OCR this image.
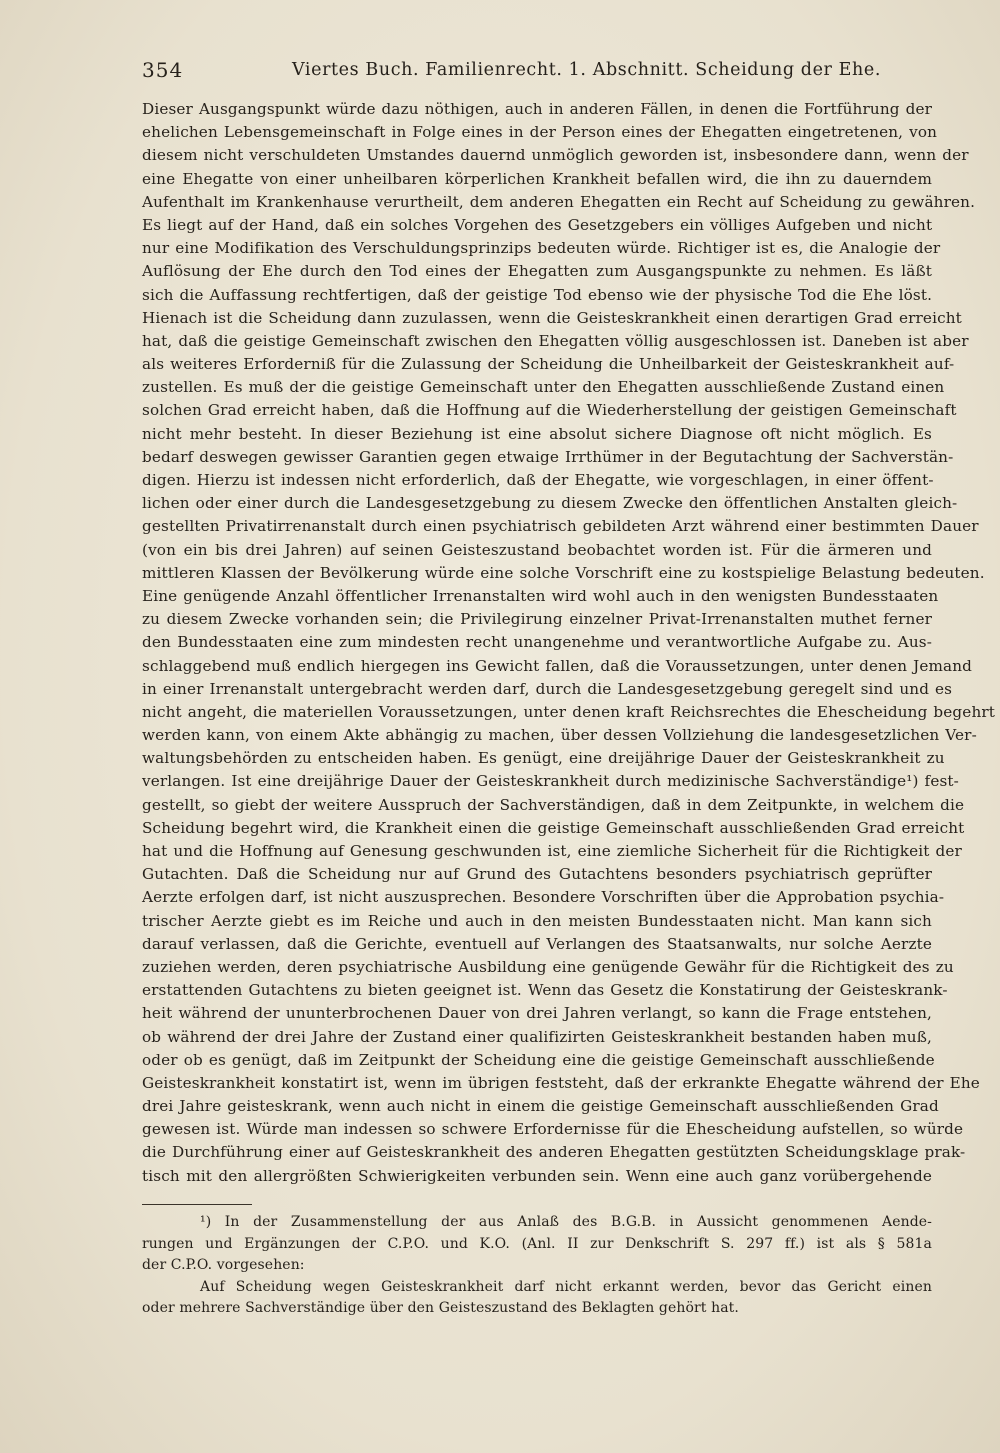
354	Viertes Buch. Familienrecht. 1. Abschnitt. Scheidung der Ehe.
Dieser Ausgangspunkt würde dazu nöthigen, auch in anderen Fällen, in denen die Fortführung der
ehelichen Lebensgemeinschaft in Folge eines in der Person eines der Ehegatten eingetretenen, von
diesem nicht verschuldeten Umstandes dauernd unmöglich geworden ist, insbesondere dann, wenn der
eine Ehegatte von einer unheilbaren körperlichen Krankheit befallen wird, die ihn zu dauerndem
Aufenthalt im Krankenhause verurtheilt, dem anderen Ehegatten ein Recht auf Scheidung zu gewähren.
Es liegt auf der Hand, daß ein solches Vorgehen des Gesetzgebers ein völliges Aufgeben und nicht
nur eine Modifikation des Verschuldungsprinzips bedeuten würde. Richtiger ist es, die Analogie der
Auflösung der Ehe durch den Tod eines der Ehegatten zum Ausgangspunkte zu nehmen. Es läßt
sich die Auffassung rechtfertigen, daß der geistige Tod ebenso wie der physische Tod die Ehe löst.
Hienach ist die Scheidung dann zuzulassen, wenn die Geisteskrankheit einen derartigen Grad erreicht
hat, daß die geistige Gemeinschaft zwischen den Ehegatten völlig ausgeschlossen ist. Daneben ist aber
als weiteres Erforderniß für die Zulassung der Scheidung die Unheilbarkeit der Geisteskrankheit auf-
zustellen. Es muß der die geistige Gemeinschaft unter den Ehegatten ausschließende Zustand einen
solchen Grad erreicht haben, daß die Hoffnung auf die Wiederherstellung der geistigen Gemeinschaft
nicht mehr besteht. In dieser Beziehung ist eine absolut sichere Diagnose oft nicht möglich. Es
bedarf deswegen gewisser Garantien gegen etwaige Irrthümer in der Begutachtung der Sachverstän-
digen. Hierzu ist indessen nicht erforderlich, daß der Ehegatte, wie vorgeschlagen, in einer öffent-
lichen oder einer durch die Landesgesetzgebung zu diesem Zwecke den öffentlichen Anstalten gleich-
gestellten Privatirrenanstalt durch einen psychiatrisch gebildeten Arzt während einer bestimmten Dauer
(von ein bis drei Jahren) auf seinen Geisteszustand beobachtet worden ist. Für die ärmeren und
mittleren Klassen der Bevölkerung würde eine solche Vorschrift eine zu kostspielige Belastung bedeuten.
Eine genügende Anzahl öffentlicher Irrenanstalten wird wohl auch in den wenigsten Bundesstaaten
zu diesem Zwecke vorhanden sein; die Privilegirung einzelner Privat-Irrenanstalten muthet ferner
den Bundesstaaten eine zum mindesten recht unangenehme und verantwortliche Aufgabe zu. Aus-
schlaggebend muß endlich hiergegen ins Gewicht fallen, daß die Voraussetzungen, unter denen Jemand
in einer Irrenanstalt untergebracht werden darf, durch die Landesgesetzgebung geregelt sind und es
nicht angeht, die materiellen Voraussetzungen, unter denen kraft Reichsrechtes die Ehescheidung begehrt
werden kann, von einem Akte abhängig zu machen, über dessen Vollziehung die landesgesetzlichen Ver-
waltungsbehörden zu entscheiden haben. Es genügt, eine dreijährige Dauer der Geisteskrankheit zu
verlangen. Ist eine dreijährige Dauer der Geisteskrankheit durch medizinische Sachverständige¹) fest-
gestellt, so giebt der weitere Ausspruch der Sachverständigen, daß in dem Zeitpunkte, in welchem die
Scheidung begehrt wird, die Krankheit einen die geistige Gemeinschaft ausschließenden Grad erreicht
hat und die Hoffnung auf Genesung geschwunden ist, eine ziemliche Sicherheit für die Richtigkeit der
Gutachten. Daß die Scheidung nur auf Grund des Gutachtens besonders psychiatrisch geprüfter
Aerzte erfolgen darf, ist nicht auszusprechen. Besondere Vorschriften über die Approbation psychia-
trischer Aerzte giebt es im Reiche und auch in den meisten Bundesstaaten nicht. Man kann sich
darauf verlassen, daß die Gerichte, eventuell auf Verlangen des Staatsanwalts, nur solche Aerzte
zuziehen werden, deren psychiatrische Ausbildung eine genügende Gewähr für die Richtigkeit des zu
erstattenden Gutachtens zu bieten geeignet ist. Wenn das Gesetz die Konstatirung der Geisteskrank-
heit während der ununterbrochenen Dauer von drei Jahren verlangt, so kann die Frage entstehen,
ob während der drei Jahre der Zustand einer qualifizirten Geisteskrankheit bestanden haben muß,
oder ob es genügt, daß im Zeitpunkt der Scheidung eine die geistige Gemeinschaft ausschließende
Geisteskrankheit konstatirt ist, wenn im übrigen feststeht, daß der erkrankte Ehegatte während der Ehe
drei Jahre geisteskrank, wenn auch nicht in einem die geistige Gemeinschaft ausschließenden Grad
gewesen ist. Würde man indessen so schwere Erfordernisse für die Ehescheidung aufstellen, so würde
die Durchführung einer auf Geisteskrankheit des anderen Ehegatten gestützten Scheidungsklage prak-
tisch mit den allergrößten Schwierigkeiten verbunden sein. Wenn eine auch ganz vorübergehende
¹) In der Zusammenstellung der aus Anlaß des B.G.B. in Aussicht genommenen Aende-
rungen und Ergänzungen der C.P.O. und K.O. (Anl. II zur Denkschrift S. 297 ff.) ist als § 581a
der C.P.O. vorgesehen:
Auf Scheidung wegen Geisteskrankheit darf nicht erkannt werden, bevor das Gericht einen
oder mehrere Sachverständige über den Geisteszustand des Beklagten gehört hat.
